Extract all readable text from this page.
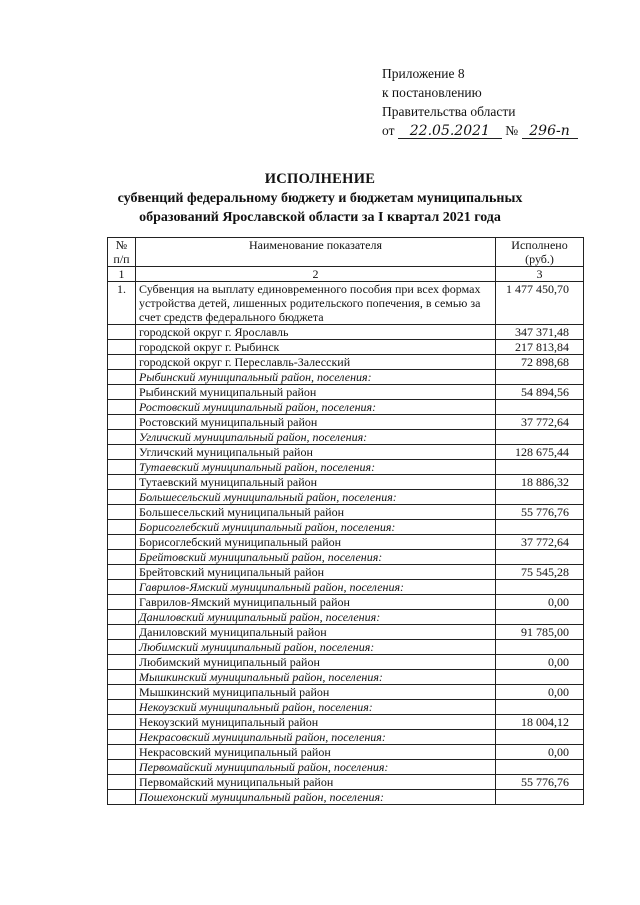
Приложение 8
к постановлению
Правительства области
от 22.05.2021 № 296-п
ИСПОЛНЕНИЕ
субвенций федеральному бюджету и бюджетам муниципальных
образований Ярославской области за I квартал 2021 года
№ п/п	Наименование показателя	Исполнено
(руб.)

1	2	3
1.	Субвенция на выплату единовременного пособия при всех формах устройства детей, лишенных родительского попечения, в семью за счет средств федерального бюджета	1 477 450,70
	городской округ г. Ярославль	347 371,48
	городской округ г. Рыбинск	217 813,84
	городской округ г. Переславль-Залесский	72 898,68
	Рыбинский муниципальный район, поселения:	
	Рыбинский муниципальный район	54 894,56
	Ростовский муниципальный район, поселения:	
	Ростовский муниципальный район	37 772,64
	Угличский муниципальный район, поселения:	
	Угличский муниципальный район	128 675,44
	Тутаевский муниципальный район, поселения:	
	Тутаевский муниципальный район	18 886,32
	Большесельский муниципальный район, поселения:	
	Большесельский муниципальный район	55 776,76
	Борисоглебский муниципальный район, поселения:	
	Борисоглебский муниципальный район	37 772,64
	Брейтовский муниципальный район, поселения:	
	Брейтовский муниципальный район	75 545,28
	Гаврилов-Ямский муниципальный район, поселения:	
	Гаврилов-Ямский муниципальный район	0,00
	Даниловский муниципальный район, поселения:	
	Даниловский муниципальный район	91 785,00
	Любимский муниципальный район, поселения:	
	Любимский муниципальный район	0,00
	Мышкинский муниципальный район, поселения:	
	Мышкинский муниципальный район	0,00
	Некоузский муниципальный район, поселения:	
	Некоузский муниципальный район	18 004,12
	Некрасовский муниципальный район, поселения:	
	Некрасовский муниципальный район	0,00
	Первомайский муниципальный район, поселения:	
	Первомайский муниципальный район	55 776,76
	Пошехонский муниципальный район, поселения:	
